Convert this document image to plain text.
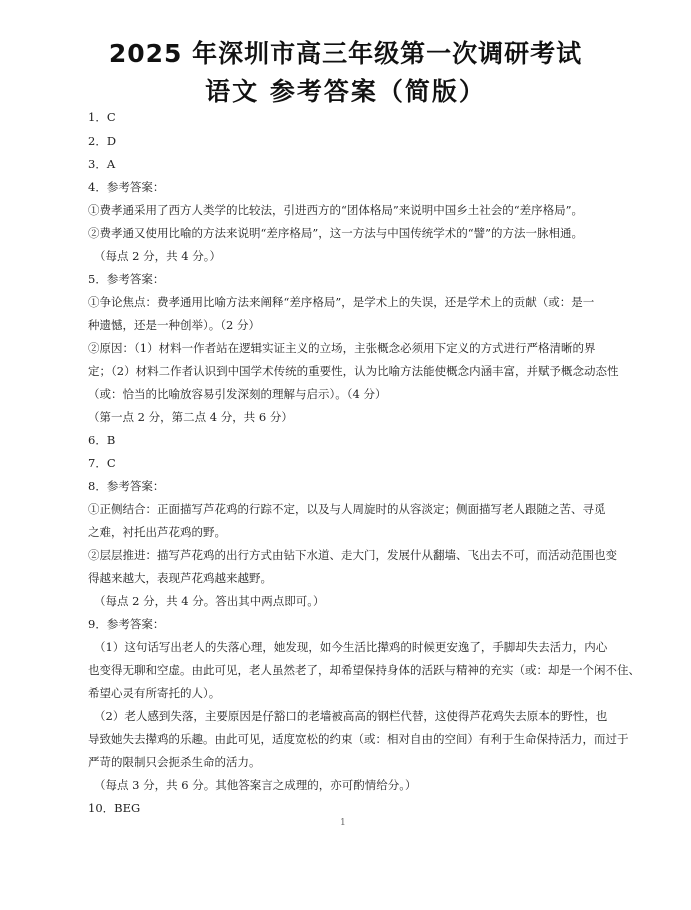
2025 年深圳市高三年级第一次调研考试
语文 参考答案（简版）
1．C
2．D
3．A
4．参考答案：
①费孝通采用了西方人类学的比较法，引进西方的“团体格局”来说明中国乡土社会的“差序格局”。
②费孝通又使用比喻的方法来说明“差序格局”，这一方法与中国传统学术的“譬”的方法一脉相通。
（每点 2 分，共 4 分。）
5．参考答案：
①争论焦点：费孝通用比喻方法来阐释“差序格局”，是学术上的失误，还是学术上的贡献（或：是一
种遗憾，还是一种创举）。（2 分）
②原因：（1）材料一作者站在逻辑实证主义的立场，主张概念必须用下定义的方式进行严格清晰的界
定；（2）材料二作者认识到中国学术传统的重要性，认为比喻方法能使概念内涵丰富，并赋予概念动态性
（或：恰当的比喻放容易引发深刻的理解与启示）。（4 分）
（第一点 2 分，第二点 4 分，共 6 分）
6．B
7．C
8．参考答案：
①正侧结合：正面描写芦花鸡的行踪不定，以及与人周旋时的从容淡定；侧面描写老人跟随之苦、寻觅
之难，衬托出芦花鸡的野。
②层层推进：描写芦花鸡的出行方式由钻下水道、走大门，发展什从翻墙、飞出去不可，而活动范围也变
得越来越大，表现芦花鸡越来越野。
（每点 2 分，共 4 分。答出其中两点即可。）
9．参考答案：
（1）这句话写出老人的失落心理，她发现，如今生活比撵鸡的时候更安逸了，手脚却失去活力，内心
也变得无聊和空虚。由此可见，老人虽然老了，却希望保持身体的活跃与精神的充实（或：却是一个闲不住、
希望心灵有所寄托的人）。
（2）老人感到失落，主要原因是仔豁口的老墙被高高的钢栏代替，这使得芦花鸡失去原本的野性，也
导致她失去撵鸡的乐趣。由此可见，适度宽松的约束（或：相对自由的空间）有利于生命保持活力，而过于
严苛的限制只会扼杀生命的活力。
（每点 3 分，共 6 分。其他答案言之成理的，亦可酌情给分。）
10．BEG
1
